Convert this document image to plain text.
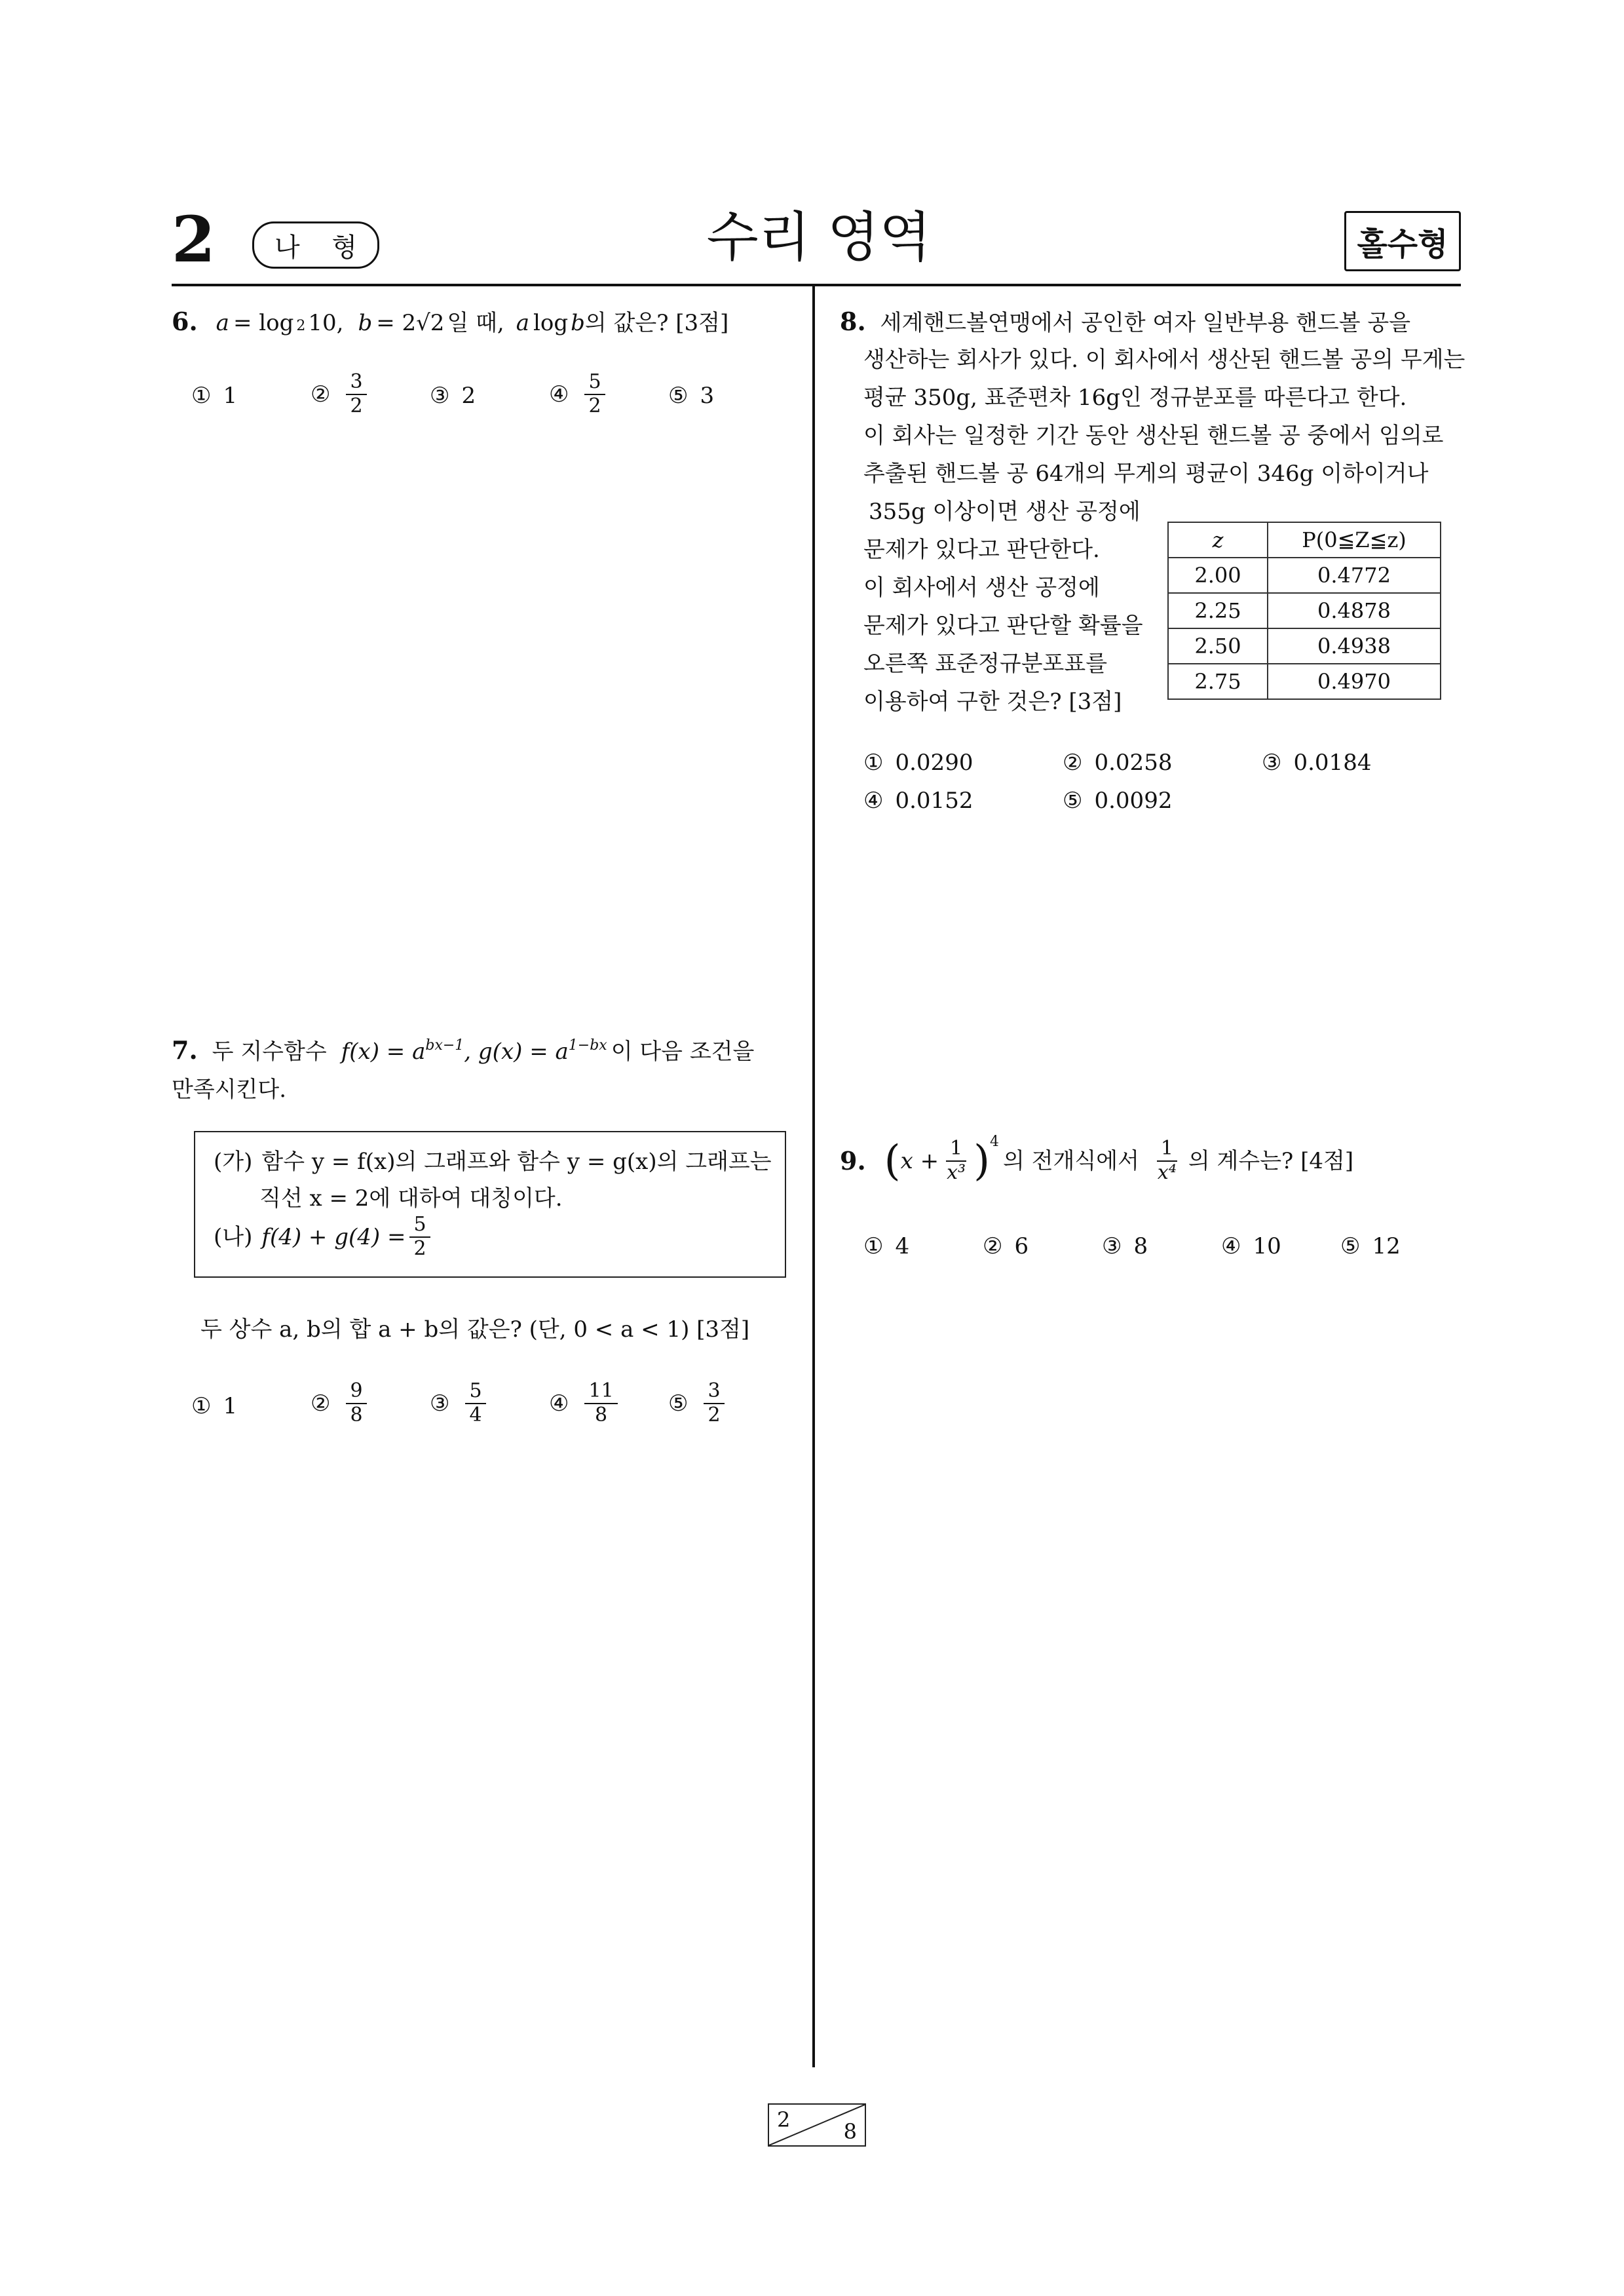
2	나 형	수리 영역	홀수형
6. a = log 2 10, b = 2√2 일 때, a log b 의 값은? [3점]
① 1	② $\frac{3}{2}$	③ 2	④ $\frac{5}{2}$	⑤ 3
7. 두 지수함수 $f(x) = a^{bx-1}$ , $g(x) = a^{1-bx}$ 이 다음 조건을
만족시킨다.
(가) 함수 y = f(x)의 그래프와 함수 y = g(x)의 그래프는
직선 x = 2에 대하여 대칭이다.
(나) $f(4) + g(4) = \frac{5}{2}$
두 상수 a, b의 합 a + b의 값은? (단, 0 < a < 1) [3점]
① 1	② $\frac{9}{8}$	③ $\frac{5}{4}$	④ $\frac{11}{8}$ ⑤ $\frac{3}{2}$
8. 세계핸드볼연맹에서 공인한 여자 일반부용 핸드볼 공을
생산하는 회사가 있다. 이 회사에서 생산된 핸드볼 공의 무게는
평균 350g, 표준편차 16g인 정규분포를 따른다고 한다.
이 회사는 일정한 기간 동안 생산된 핸드볼 공 중에서 임의로
추출된 핸드볼 공 64개의 무게의 평균이 346g 이하이거나
355g 이상이면 생산 공정에
문제가 있다고 판단한다.
이 회사에서 생산 공정에
문제가 있다고 판단할 확률을
오른쪽 표준정규분포표를
이용하여 구한 것은? [3점]
z	P(0≦Z≦z)
2.00	0.4772
2.25	0.4878
2.50	0.4938
2.75	0.4970
① 0.0290	② 0.0258	③ 0.0184
④ 0.0152	⑤ 0.0092
9. ( $x + \frac{1}{\text{x³}} )^4$
의 전개식에서 $\frac{1}{\text{x⁴}}$ 의 계수는? [4점]
① 4	② 6	③ 8	④ 10	⑤ 12
2	8
